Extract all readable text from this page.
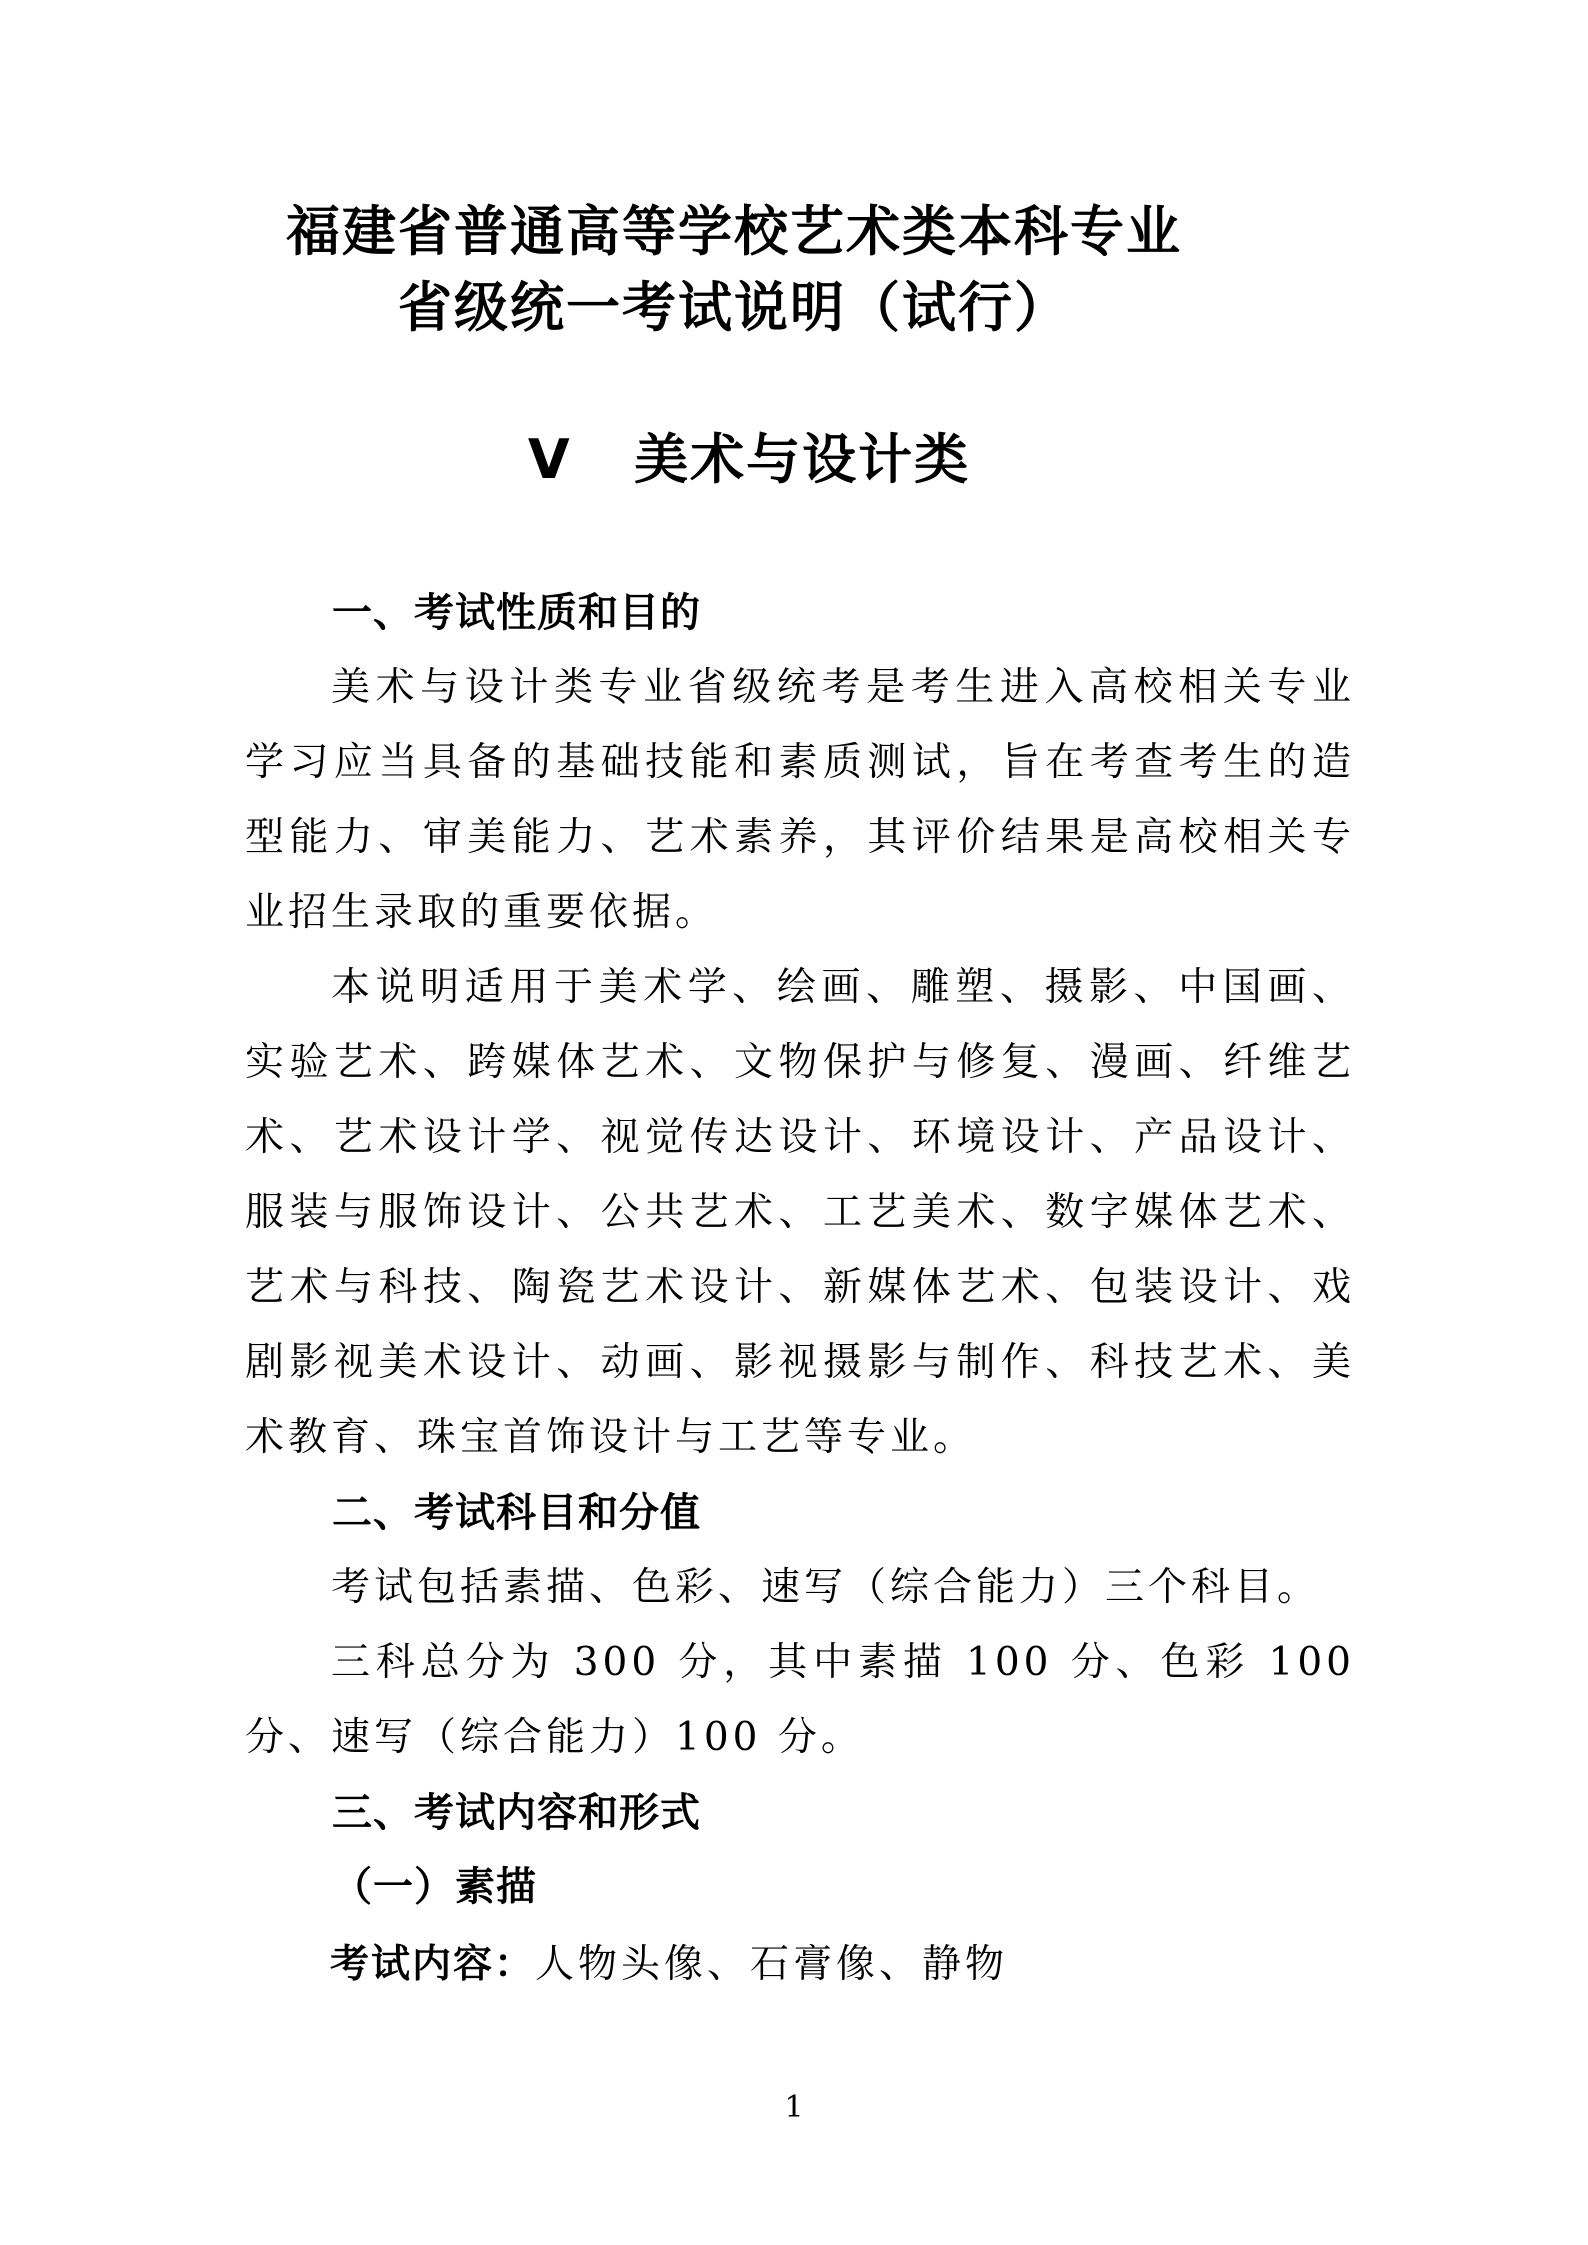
福建省普通高等学校艺术类本科专业
省级统一考试说明（试行）
V   美术与设计类
一、考试性质和目的
美术与设计类专业省级统考是考生进入高校相关专业学习应当具备的基础技能和素质测试，旨在考查考生的造型能力、审美能力、艺术素养，其评价结果是高校相关专业招生录取的重要依据。
本说明适用于美术学、绘画、雕塑、摄影、中国画、实验艺术、跨媒体艺术、文物保护与修复、漫画、纤维艺术、艺术设计学、视觉传达设计、环境设计、产品设计、服装与服饰设计、公共艺术、工艺美术、数字媒体艺术、艺术与科技、陶瓷艺术设计、新媒体艺术、包装设计、戏剧影视美术设计、动画、影视摄影与制作、科技艺术、美术教育、珠宝首饰设计与工艺等专业。
二、考试科目和分值
考试包括素描、色彩、速写（综合能力）三个科目。
三科总分为 300 分，其中素描 100 分、色彩 100 分、速写（综合能力）100 分。
三、考试内容和形式
（一）素描
考试内容：人物头像、石膏像、静物
1
